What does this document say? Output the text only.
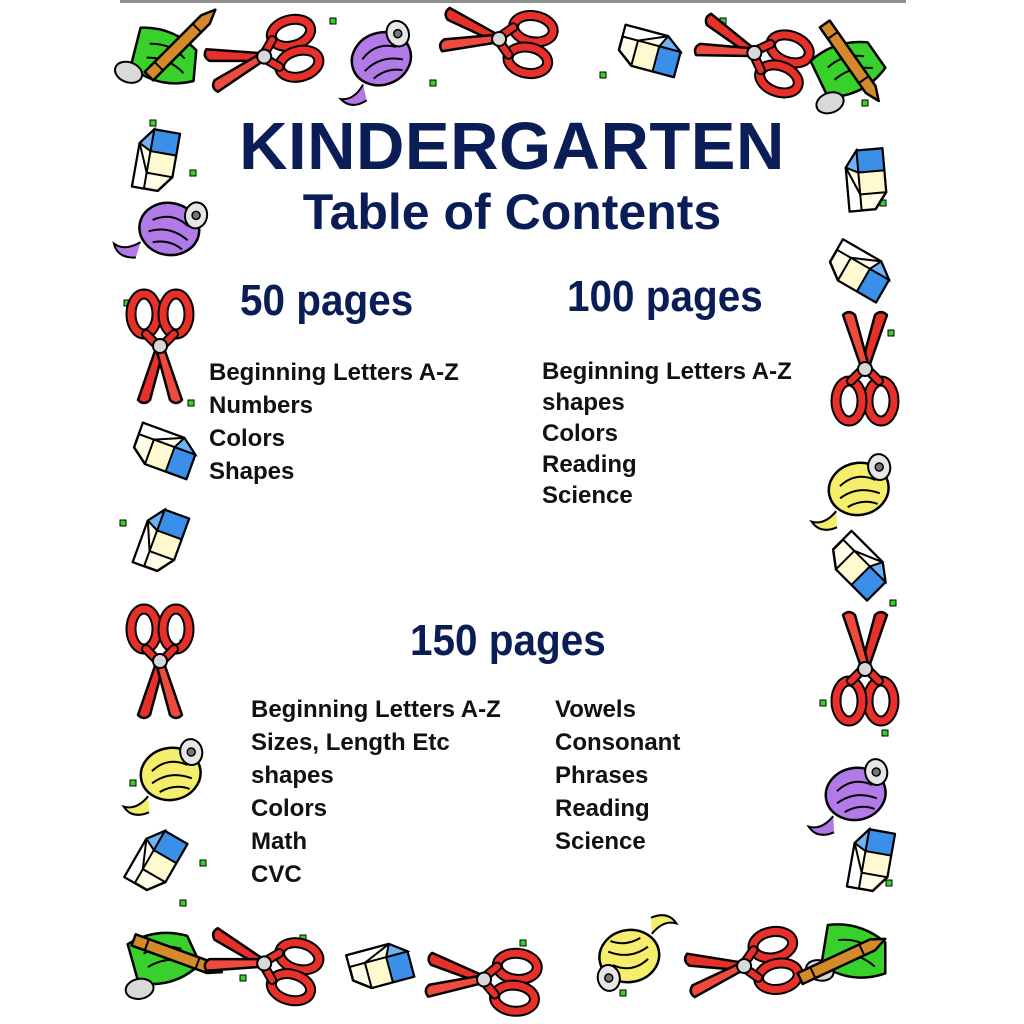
KINDERGARTEN
Table of Contents
50 pages
Beginning Letters A-Z
Numbers
Colors
Shapes
100 pages
Beginning Letters A-Z
shapes
Colors
Reading
Science
150 pages
Beginning Letters A-Z
Sizes, Length Etc
shapes
Colors
Math
CVC
Vowels
Consonant
Phrases
Reading
Science
